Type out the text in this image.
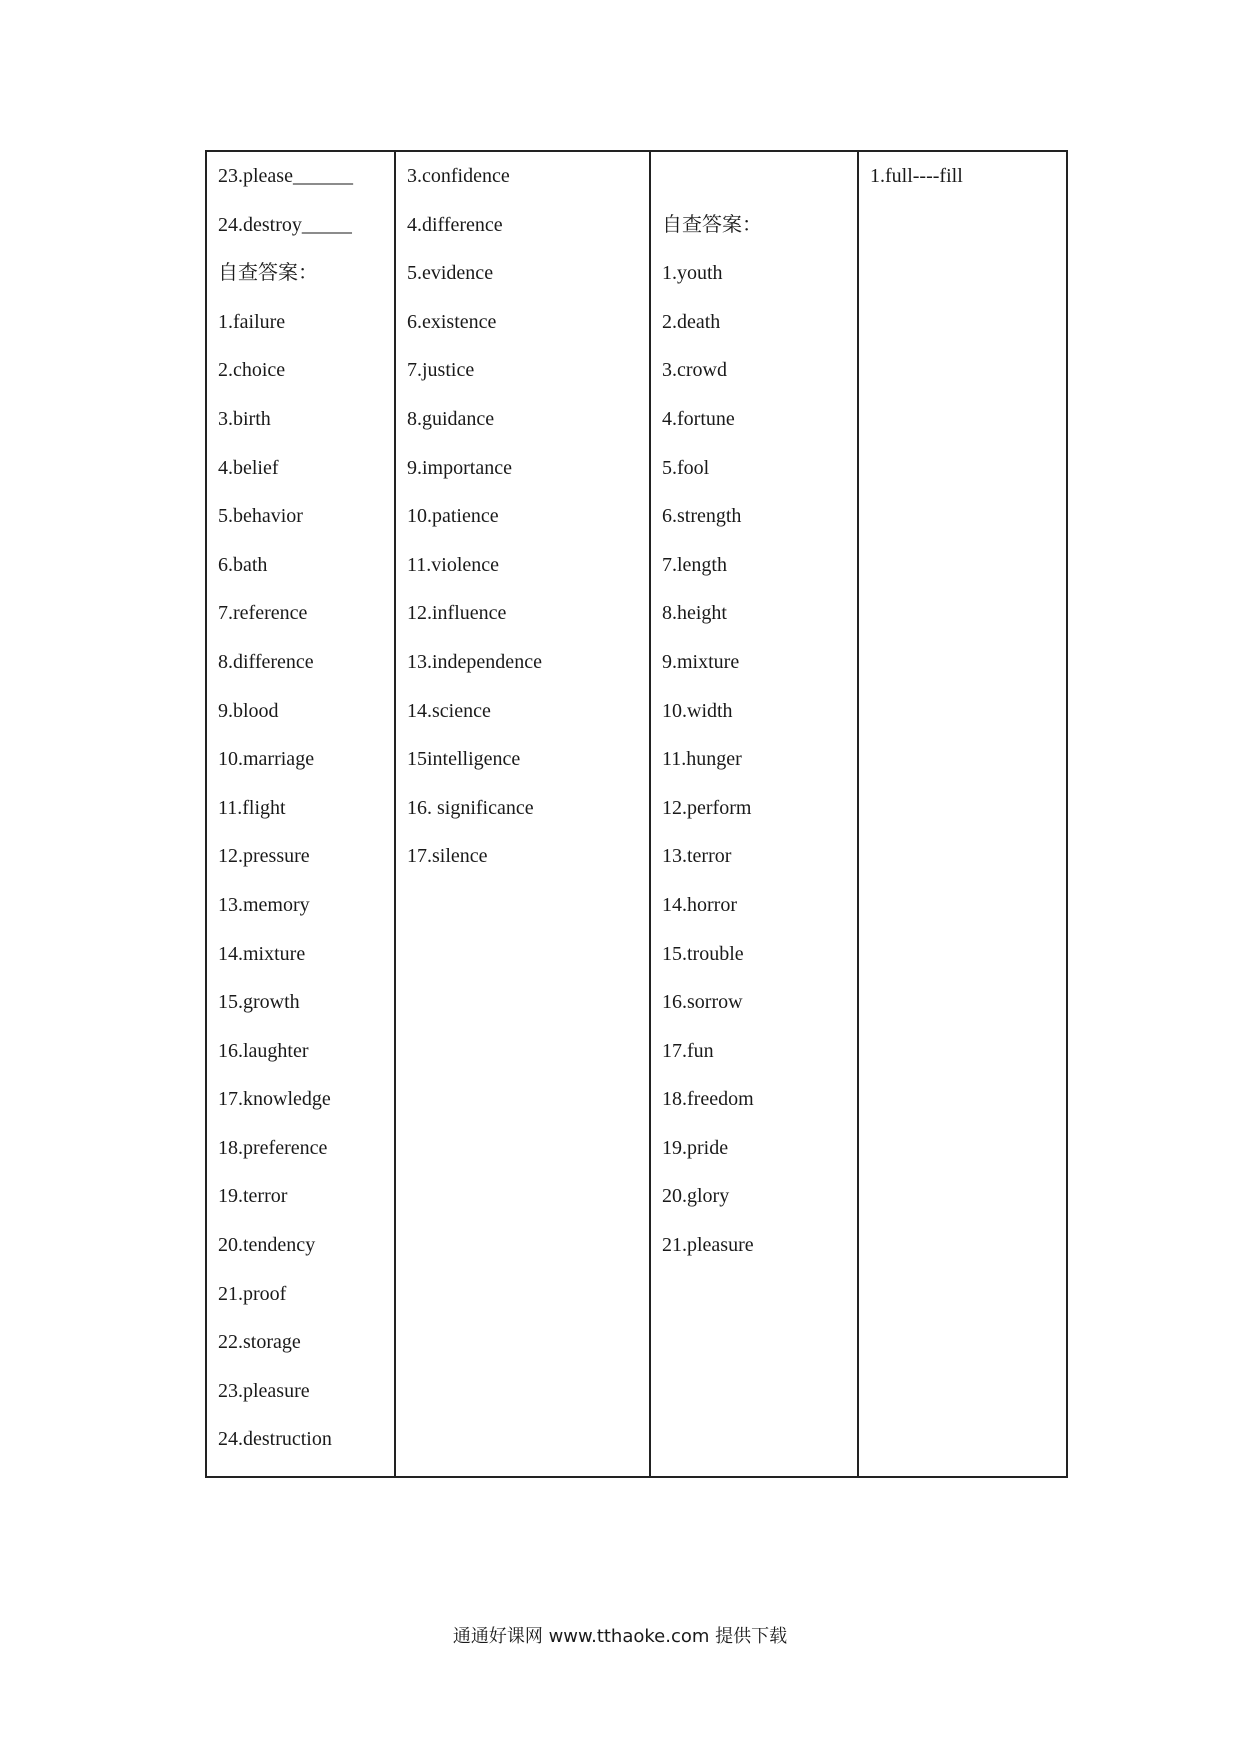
23.please______
24.destroy_____
自查答案：
1.failure
2.choice
3.birth
4.belief
5.behavior
6.bath
7.reference
8.difference
9.blood
10.marriage
11.flight
12.pressure
13.memory
14.mixture
15.growth
16.laughter
17.knowledge
18.preference
19.terror
20.tendency
21.proof
22.storage
23.pleasure
24.destruction

3.confidence
4.difference
5.evidence
6.existence
7.justice
8.guidance
9.importance
10.patience
11.violence
12.influence
13.independence
14.science
15intelligence
16. significance
17.silence

自查答案：
1.youth
2.death
3.crowd
4.fortune
5.fool
6.strength
7.length
8.height
9.mixture
10.width
11.hunger
12.perform
13.terror
14.horror
15.trouble
16.sorrow
17.fun
18.freedom
19.pride
20.glory
21.pleasure

1.full----fill
通通好课网 www.tthaoke.com 提供下载
